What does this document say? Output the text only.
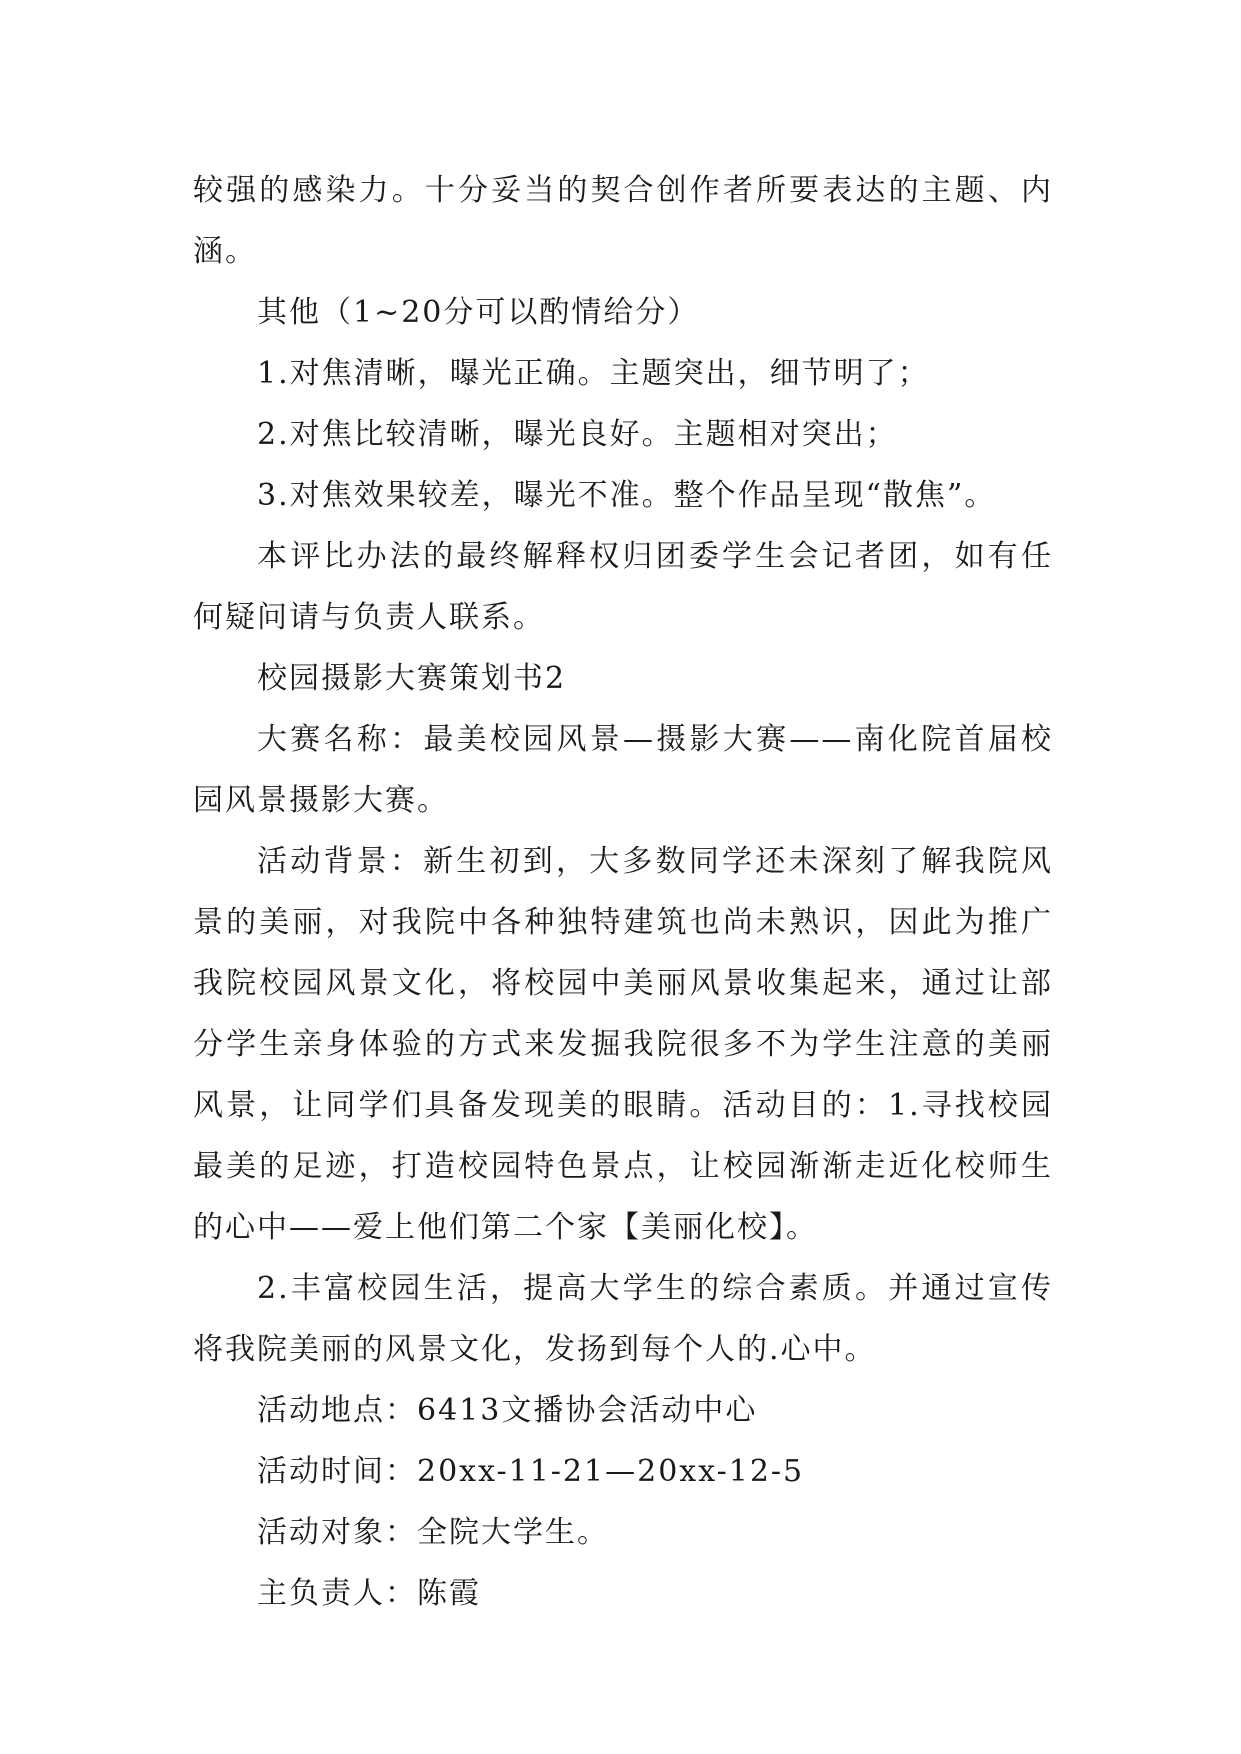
较强的感染力。十分妥当的契合创作者所要表达的主题、内涵。

其他（1~20分可以酌情给分）

1.对焦清晰，曝光正确。主题突出，细节明了；

2.对焦比较清晰，曝光良好。主题相对突出；

3.对焦效果较差，曝光不准。整个作品呈现“散焦”。

本评比办法的最终解释权归团委学生会记者团，如有任何疑问请与负责人联系。

校园摄影大赛策划书2

大赛名称：最美校园风景—摄影大赛——南化院首届校园风景摄影大赛。

活动背景：新生初到，大多数同学还未深刻了解我院风景的美丽，对我院中各种独特建筑也尚未熟识，因此为推广我院校园风景文化，将校园中美丽风景收集起来，通过让部分学生亲身体验的方式来发掘我院很多不为学生注意的美丽风景，让同学们具备发现美的眼睛。活动目的：1.寻找校园最美的足迹，打造校园特色景点，让校园渐渐走近化校师生的心中——爱上他们第二个家【美丽化校】。

2.丰富校园生活，提高大学生的综合素质。并通过宣传将我院美丽的风景文化，发扬到每个人的.心中。

活动地点：6413文播协会活动中心

活动时间：20xx-11-21—20xx-12-5

活动对象：全院大学生。

主负责人：陈霞
